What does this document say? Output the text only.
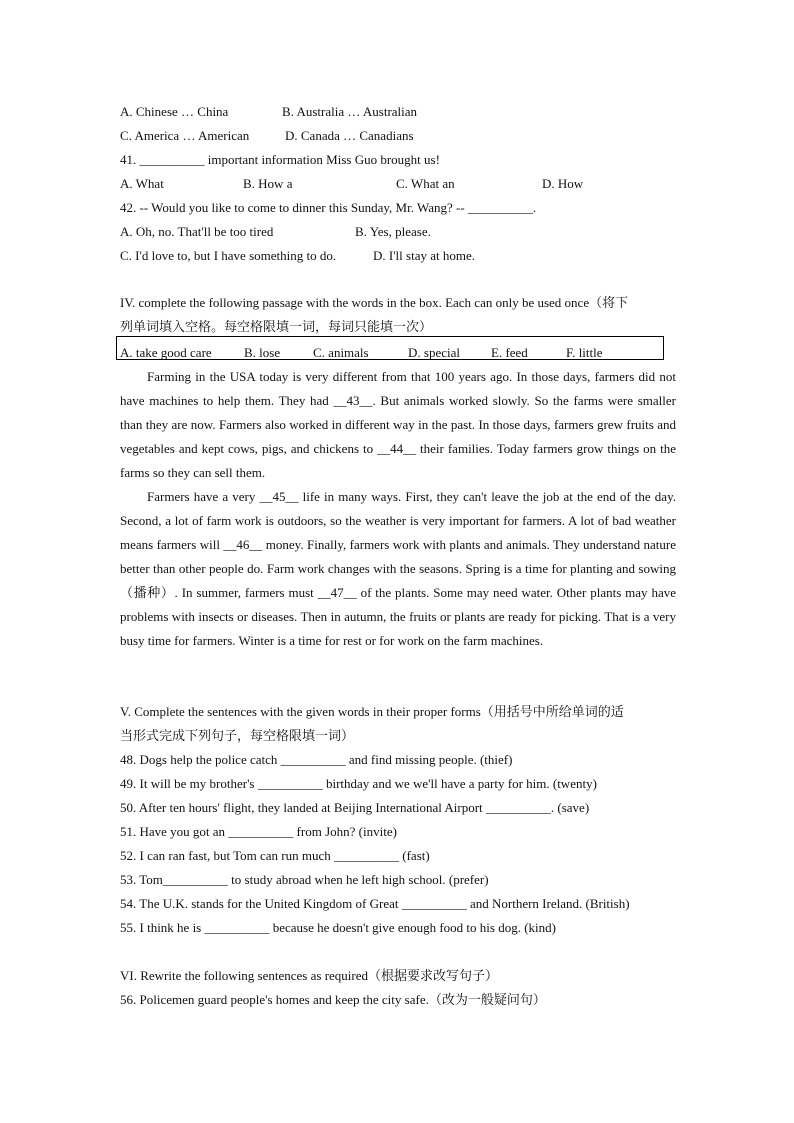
A. Chinese … China	B. Australia … Australian
C. America … American	D. Canada … Canadians
41. __________ important information Miss Guo brought us!
A. What	B. How a	C. What an	D. How
42. -- Would you like to come to dinner this Sunday, Mr. Wang? -- __________.
A. Oh, no. That'll be too tired	B. Yes, please.
C. I'd love to, but I have something to do.	D. I'll stay at home.
IV. complete the following passage with the words in the box. Each can only be used once（将下
列单词填入空格。每空格限填一词，每词只能填一次）
A. take good care B. lose	C. animals	D. special E. feed	F. little

Farming in the USA today is very different from that 100 years ago. In those days, farmers did not have machines to help them. They had __43__. But animals worked slowly. So the farms were smaller than they are now. Farmers also worked in different way in the past. In those days, farmers grew fruits and vegetables and kept cows, pigs, and chickens to __44__ their families. Today farmers grow things on the farms so they can sell them.

Farmers have a very __45__ life in many ways. First, they can't leave the job at the end of the day. Second, a lot of farm work is outdoors, so the weather is very important for farmers. A lot of bad weather means farmers will __46__ money. Finally, farmers work with plants and animals. They understand nature better than other people do. Farm work changes with the seasons. Spring is a time for planting and sowing（播种）. In summer, farmers must __47__ of the plants. Some may need water. Other plants may have problems with insects or diseases. Then in autumn, the fruits or plants are ready for picking. That is a very busy time for farmers. Winter is a time for rest or for work on the farm machines.

V. Complete the sentences with the given words in their proper forms（用括号中所给单词的适
当形式完成下列句子，每空格限填一词）
48. Dogs help the police catch __________ and find missing people. (thief)
49. It will be my brother's __________ birthday and we we'll have a party for him. (twenty)
50. After ten hours' flight, they landed at Beijing International Airport __________. (save)
51. Have you got an __________ from John? (invite)
52. I can ran fast, but Tom can run much __________ (fast)
53. Tom__________ to study abroad when he left high school. (prefer)
54. The U.K. stands for the United Kingdom of Great __________ and Northern Ireland. (British)
55. I think he is __________ because he doesn't give enough food to his dog. (kind)
VI. Rewrite the following sentences as required（根据要求改写句子）
56. Policemen guard people's homes and keep the city safe.（改为一般疑问句）
